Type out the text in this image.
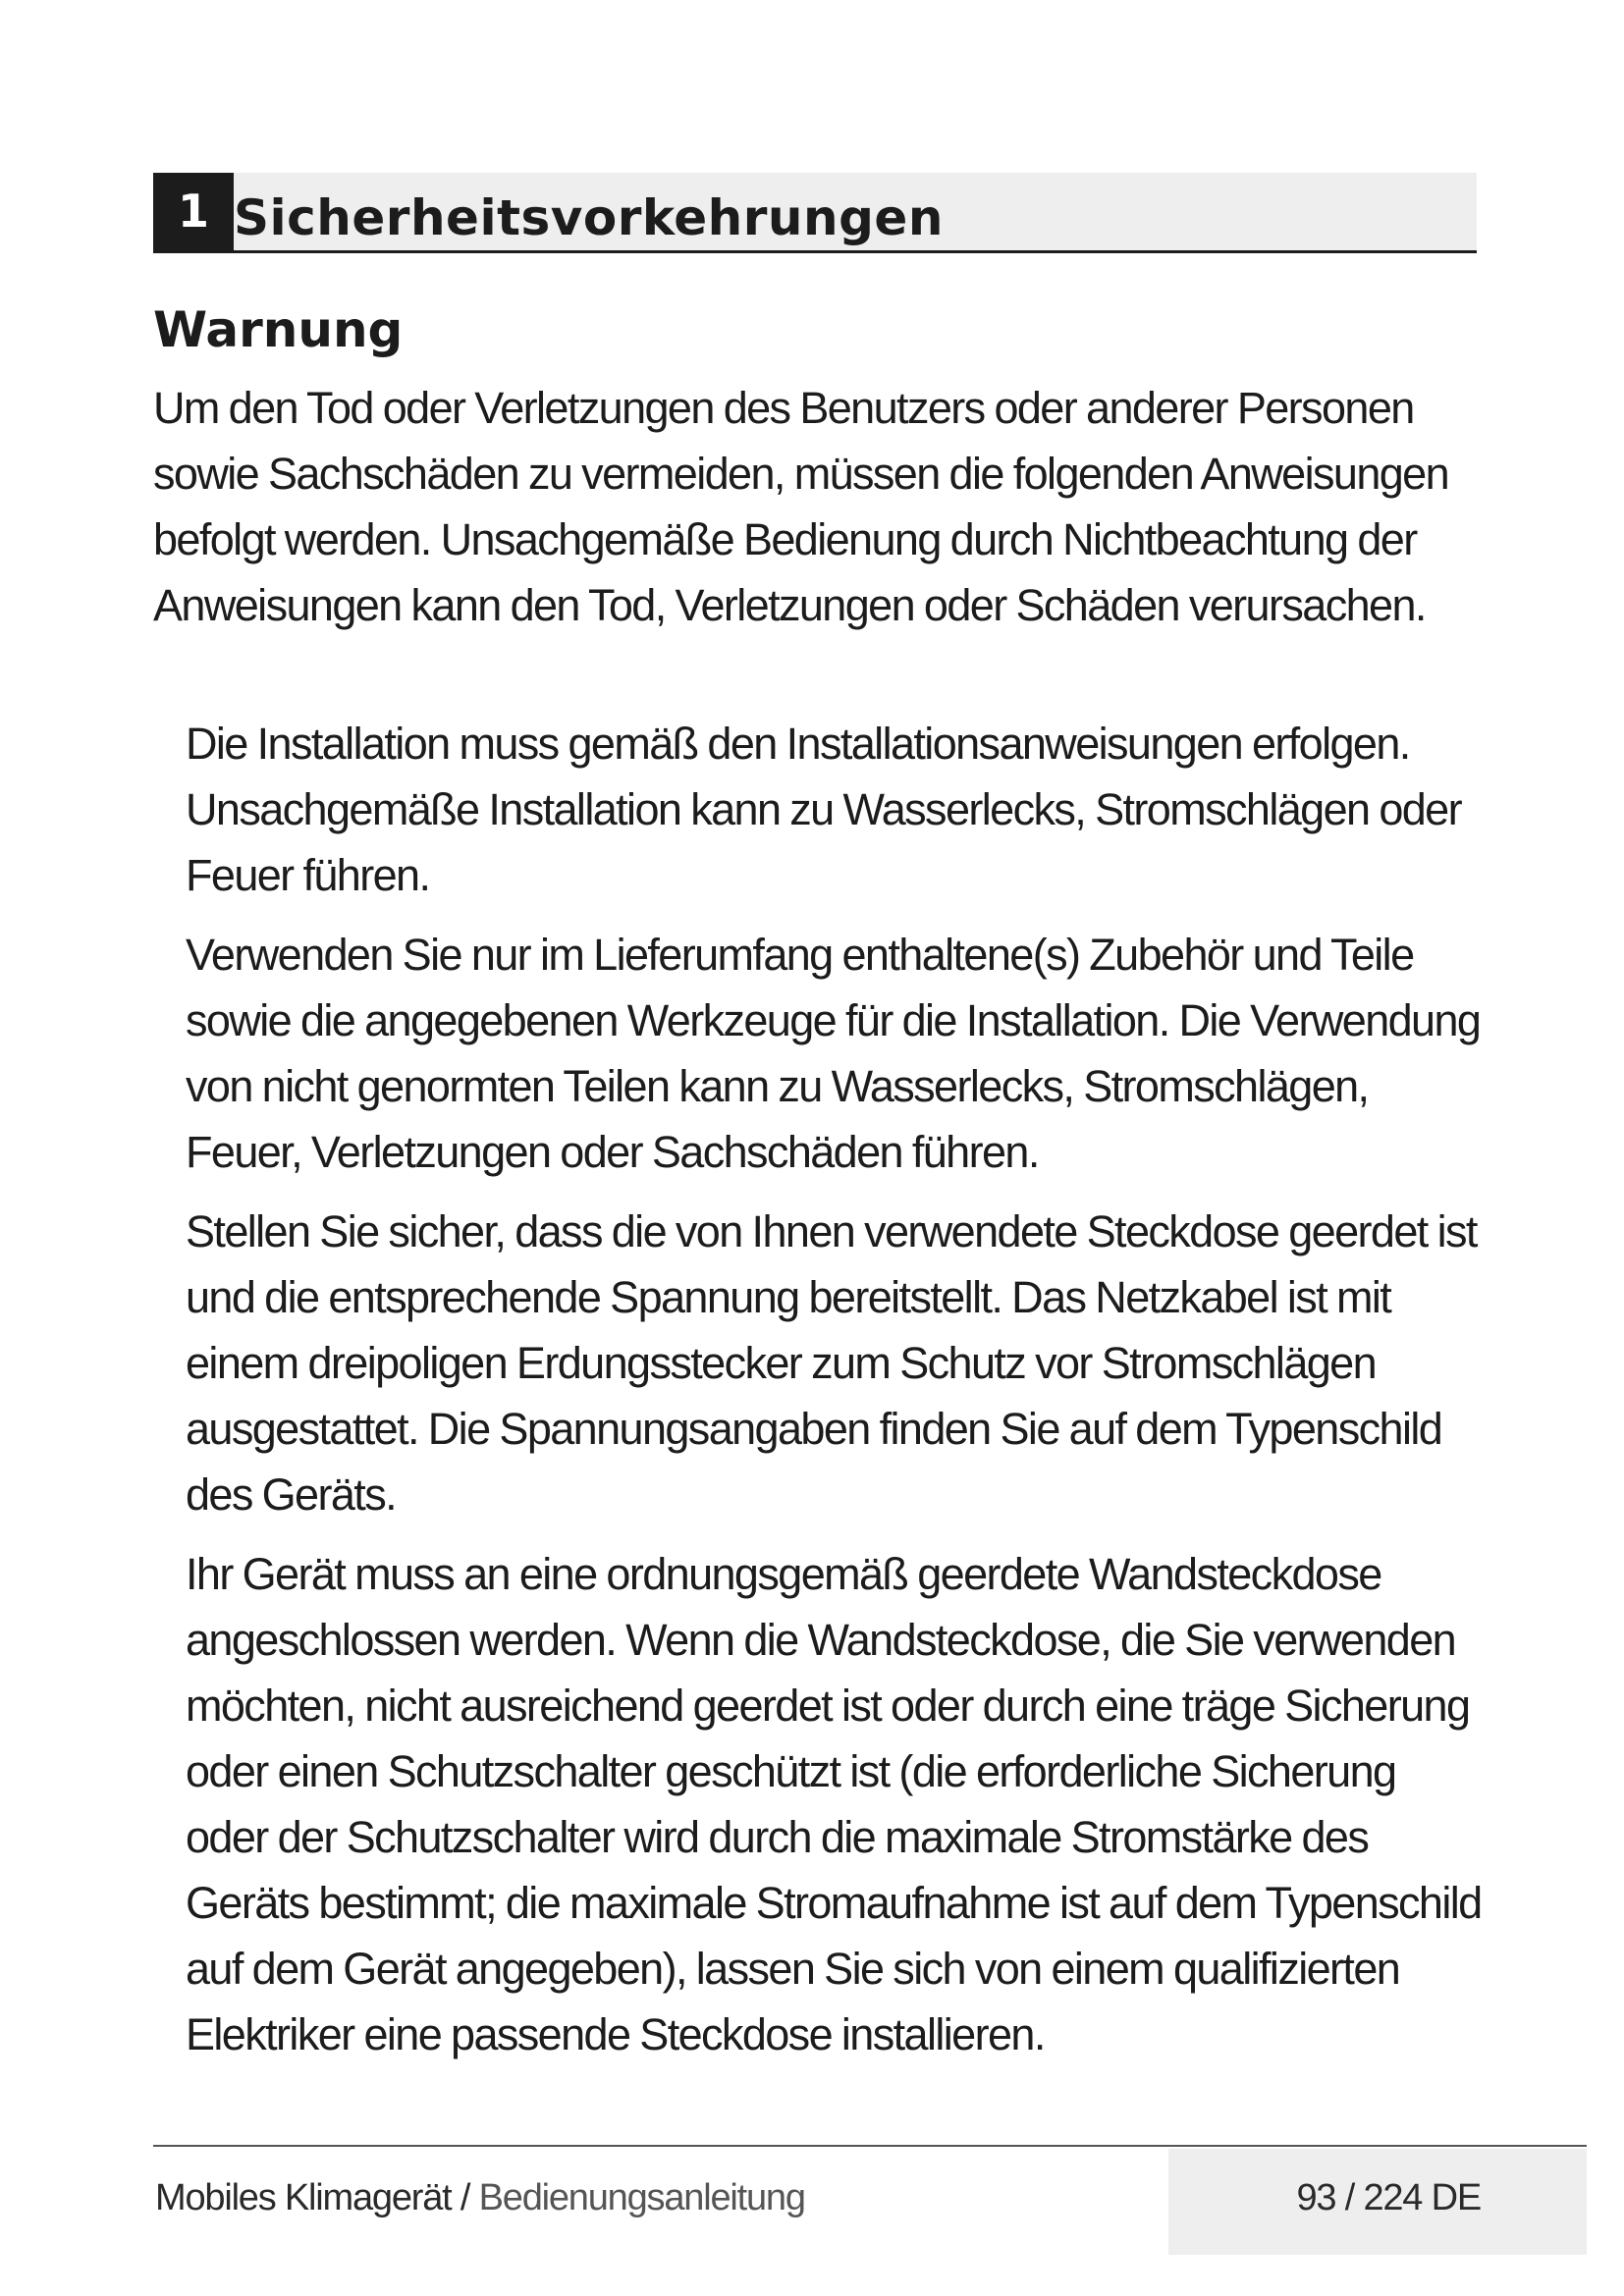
1 Sicherheitsvorkehrungen
Warnung

Um den Tod oder Verletzungen des Benutzers oder anderer Personen sowie Sachschäden zu vermeiden, müssen die folgenden Anweisungen befolgt werden. Unsachgemäße Bedienung durch Nichtbeachtung der Anweisungen kann den Tod, Verletzungen oder Schäden verursachen.

Die Installation muss gemäß den Installationsanweisungen erfolgen. Unsachgemäße Installation kann zu Wasserlecks, Stromschlägen oder Feuer führen.
Verwenden Sie nur im Lieferumfang enthaltene(s) Zubehör und Teile sowie die angegebenen Werkzeuge für die Installation. Die Verwendung von nicht genormten Teilen kann zu Wasserlecks, Stromschlägen, Feuer, Verletzungen oder Sachschäden führen.
Stellen Sie sicher, dass die von Ihnen verwendete Steckdose geerdet ist und die entsprechende Spannung bereitstellt. Das Netzkabel ist mit einem dreipoligen Erdungsstecker zum Schutz vor Stromschlägen ausgestattet. Die Spannungsangaben finden Sie auf dem Typenschild des Geräts.
Ihr Gerät muss an eine ordnungsgemäß geerdete Wandsteckdose angeschlossen werden. Wenn die Wandsteckdose, die Sie verwenden möchten, nicht ausreichend geerdet ist oder durch eine träge Sicherung oder einen Schutzschalter geschützt ist (die erforderliche Sicherung oder der Schutzschalter wird durch die maximale Stromstärke des Geräts bestimmt; die maximale Stromaufnahme ist auf dem Typenschild auf dem Gerät angegeben), lassen Sie sich von einem qualifizierten Elektriker eine passende Steckdose installieren.
Mobiles Klimagerät / Bedienungsanleitung	93 / 224 DE
